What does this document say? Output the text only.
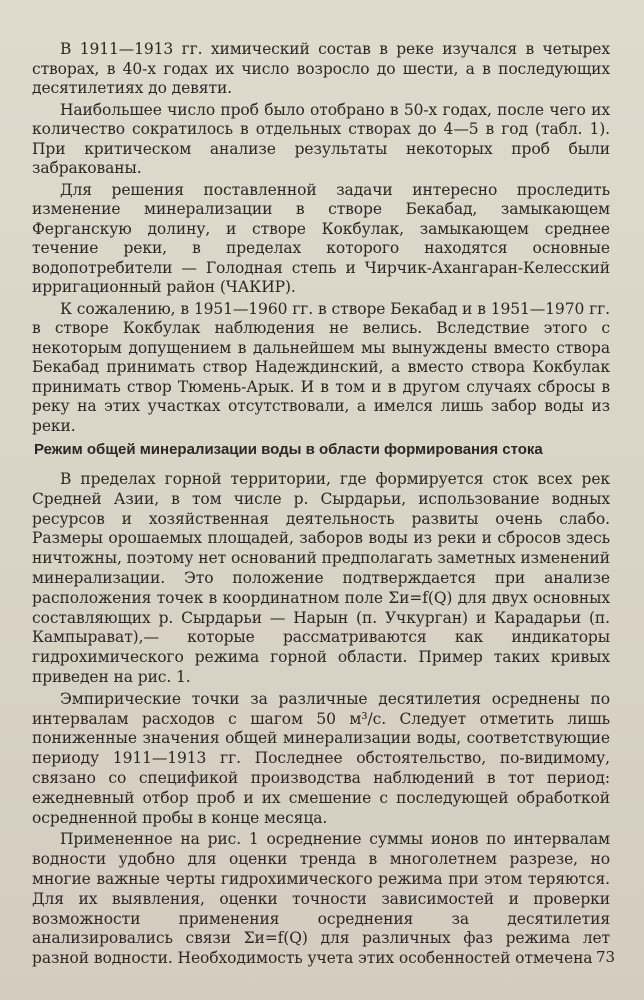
В 1911—1913 гг. химический состав в реке изучался в четырех створах, в 40-х годах их число возросло до шести, а в последующих десятилетиях до девяти.

Наибольшее число проб было отобрано в 50-х годах, после чего их количество сократилось в отдельных створах до 4—5 в год (табл. 1). При критическом анализе результаты некоторых проб были забракованы.

Для решения поставленной задачи интересно проследить изменение минерализации в створе Бекабад, замыкающем Ферганскую долину, и створе Кокбулак, замыкающем среднее течение реки, в пределах которого находятся основные водопотребители — Голодная степь и Чирчик-Ахангаран-Келесский ирригационный район (ЧАКИР).

К сожалению, в 1951—1960 гг. в створе Бекабад и в 1951—1970 гг. в створе Кокбулак наблюдения не велись. Вследствие этого с некоторым допущением в дальнейшем мы вынуждены вместо створа Бекабад принимать створ Надеждинский, а вместо створа Кокбулак принимать створ Тюмень-Арык. И в том и в другом случаях сбросы в реку на этих участках отсутствовали, а имелся лишь забор воды из реки.

Режим общей минерализации воды в области формирования стока

В пределах горной территории, где формируется сток всех рек Средней Азии, в том числе р. Сырдарьи, использование водных ресурсов и хозяйственная деятельность развиты очень слабо. Размеры орошаемых площадей, заборов воды из реки и сбросов здесь ничтожны, поэтому нет оснований предполагать заметных изменений минерализации. Это положение подтверждается при анализе расположения точек в координатном поле Σи=f(Q) для двух основных составляющих р. Сырдарьи — Нарын (п. Учкурган) и Карадарьи (п. Кампырават),— которые рассматриваются как индикаторы гидрохимического режима горной области. Пример таких кривых приведен на рис. 1.

Эмпирические точки за различные десятилетия осреднены по интервалам расходов с шагом 50 м³/с. Следует отметить лишь пониженные значения общей минерализации воды, соответствующие периоду 1911—1913 гг. Последнее обстоятельство, по-видимому, связано со спецификой производства наблюдений в тот период: ежедневный отбор проб и их смешение с последующей обработкой осредненной пробы в конце месяца.

Примененное на рис. 1 осреднение суммы ионов по интервалам водности удобно для оценки тренда в многолетнем разрезе, но многие важные черты гидрохимического режима при этом теряются. Для их выявления, оценки точности зависимостей и проверки возможности применения осреднения за десятилетия анализировались связи Σи=f(Q) для различных фаз режима лет разной водности. Необходимость учета этих особенностей отмечена 73
